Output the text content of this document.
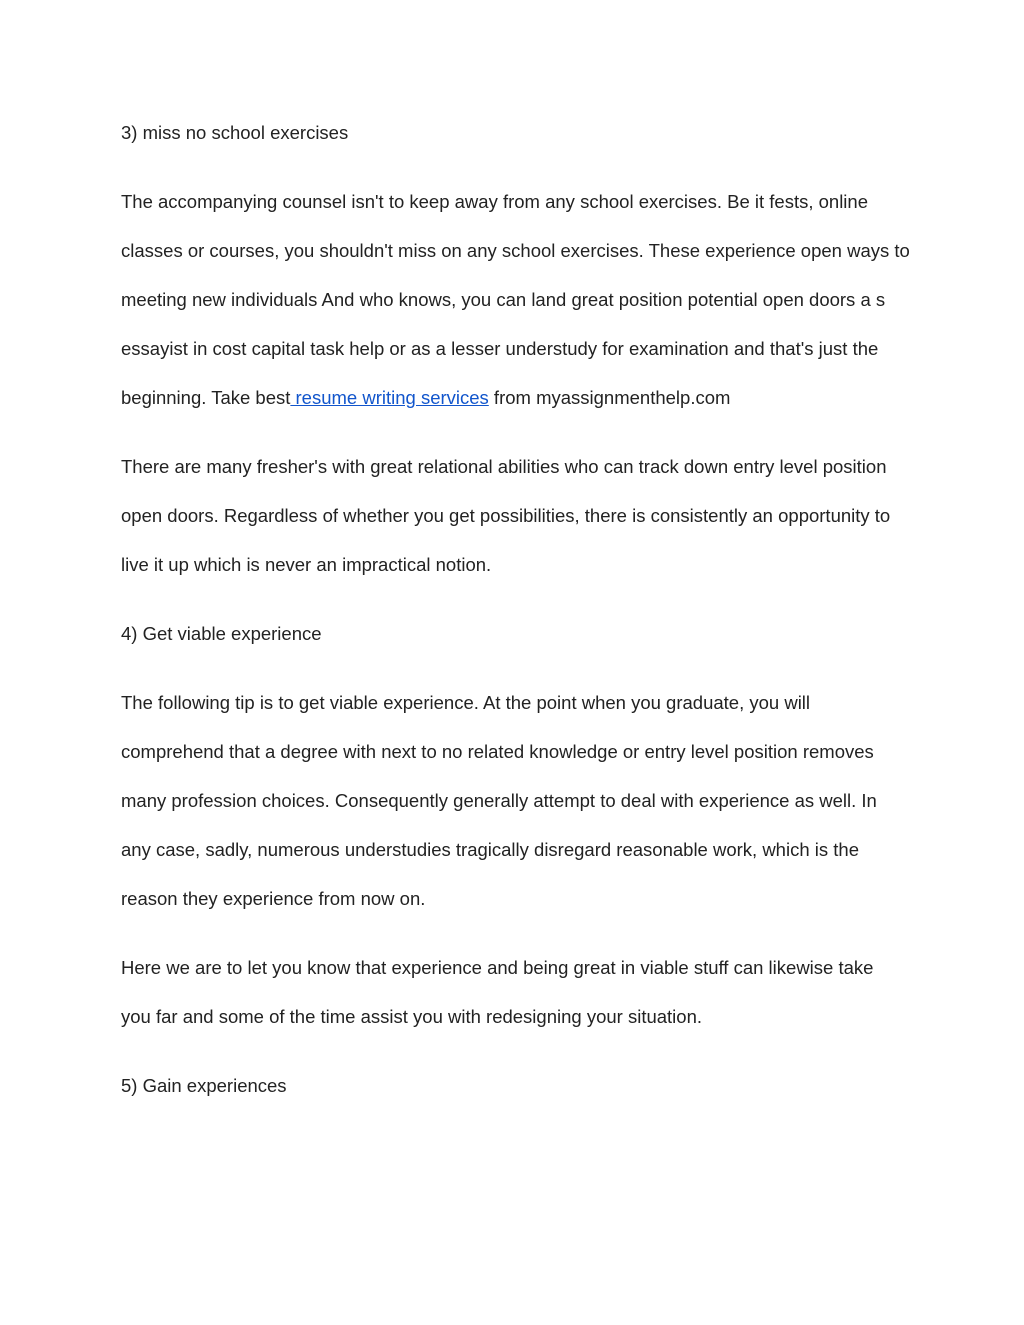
3) miss no school exercises
The accompanying counsel isn't to keep away from any school exercises. Be it fests, online
classes or courses, you shouldn't miss on any school exercises. These experience open ways to
meeting new individuals And who knows, you can land great position potential open doors a s
essayist in cost capital task help or as a lesser understudy for examination and that's just the
beginning. Take best resume writing services from myassignmenthelp.com
There are many fresher's with great relational abilities who can track down entry level position
open doors. Regardless of whether you get possibilities, there is consistently an opportunity to
live it up which is never an impractical notion.
4) Get viable experience
The following tip is to get viable experience. At the point when you graduate, you will
comprehend that a degree with next to no related knowledge or entry level position removes
many profession choices. Consequently generally attempt to deal with experience as well. In
any case, sadly, numerous understudies tragically disregard reasonable work, which is the
reason they experience from now on.
Here we are to let you know that experience and being great in viable stuff can likewise take
you far and some of the time assist you with redesigning your situation.
5) Gain experiences
